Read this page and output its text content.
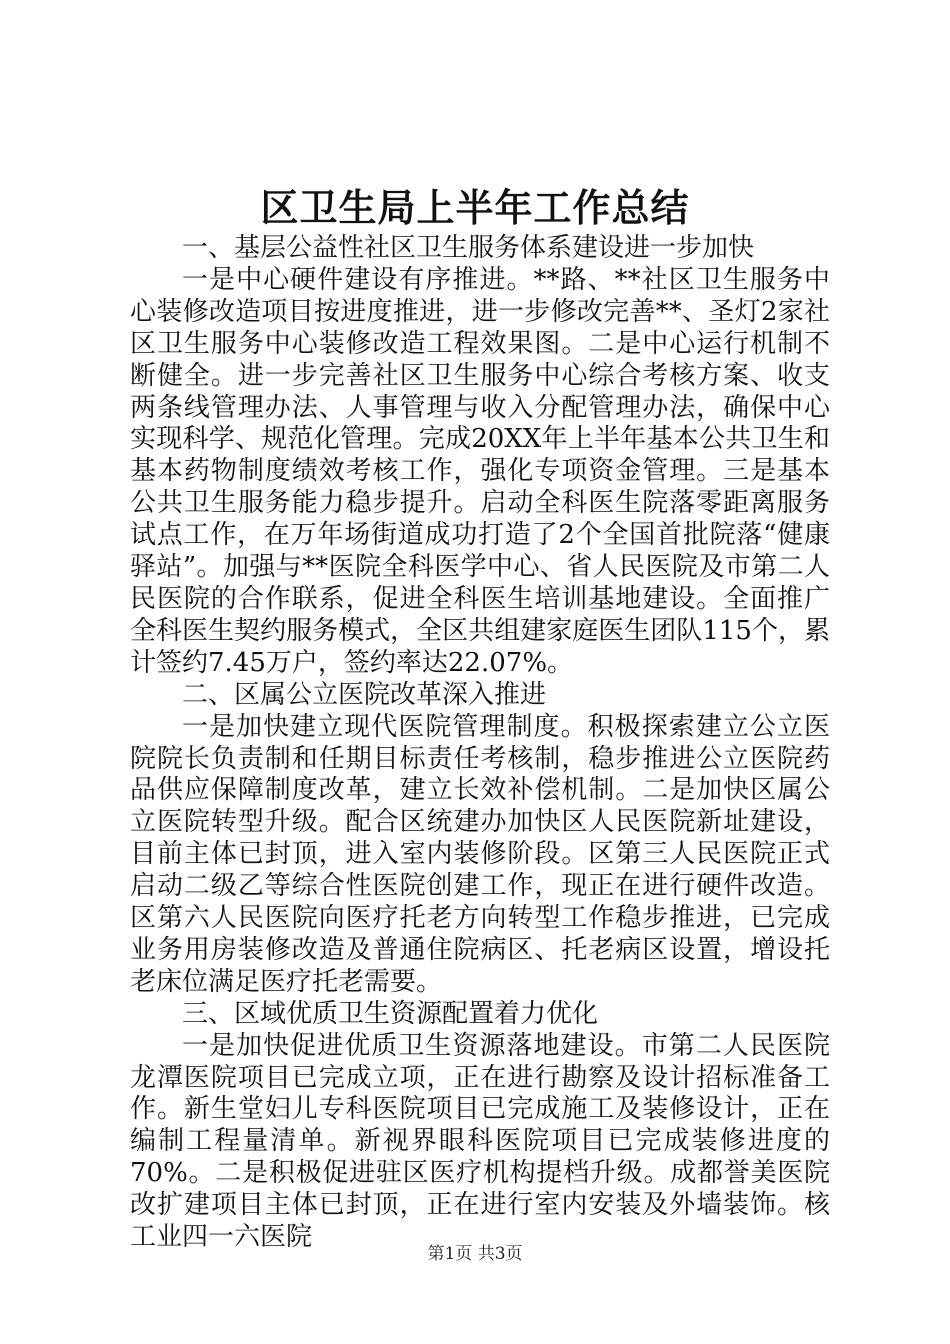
区卫生局上半年工作总结

一、基层公益性社区卫生服务体系建设进一步加快

一是中心硬件建设有序推进。**路、**社区卫生服务中心装修改造项目按进度推进，进一步修改完善**、圣灯2家社区卫生服务中心装修改造工程效果图。二是中心运行机制不断健全。进一步完善社区卫生服务中心综合考核方案、收支两条线管理办法、人事管理与收入分配管理办法，确保中心实现科学、规范化管理。完成20XX年上半年基本公共卫生和基本药物制度绩效考核工作，强化专项资金管理。三是基本公共卫生服务能力稳步提升。启动全科医生院落零距离服务试点工作，在万年场街道成功打造了2个全国首批院落“健康驿站”。加强与**医院全科医学中心、省人民医院及市第二人民医院的合作联系，促进全科医生培训基地建设。全面推广全科医生契约服务模式，全区共组建家庭医生团队115个，累计签约7.45万户，签约率达22.07%。

二、区属公立医院改革深入推进

一是加快建立现代医院管理制度。积极探索建立公立医院院长负责制和任期目标责任考核制，稳步推进公立医院药品供应保障制度改革，建立长效补偿机制。二是加快区属公立医院转型升级。配合区统建办加快区人民医院新址建设，目前主体已封顶，进入室内装修阶段。区第三人民医院正式启动二级乙等综合性医院创建工作，现正在进行硬件改造。区第六人民医院向医疗托老方向转型工作稳步推进，已完成业务用房装修改造及普通住院病区、托老病区设置，增设托老床位满足医疗托老需要。

三、区域优质卫生资源配置着力优化

一是加快促进优质卫生资源落地建设。市第二人民医院龙潭医院项目已完成立项，正在进行勘察及设计招标准备工作。新生堂妇儿专科医院项目已完成施工及装修设计，正在编制工程量清单。新视界眼科医院项目已完成装修进度的70%。二是积极促进驻区医疗机构提档升级。成都誉美医院改扩建项目主体已封顶，正在进行室内安装及外墙装饰。核工业四一六医院

第1页 共3页
